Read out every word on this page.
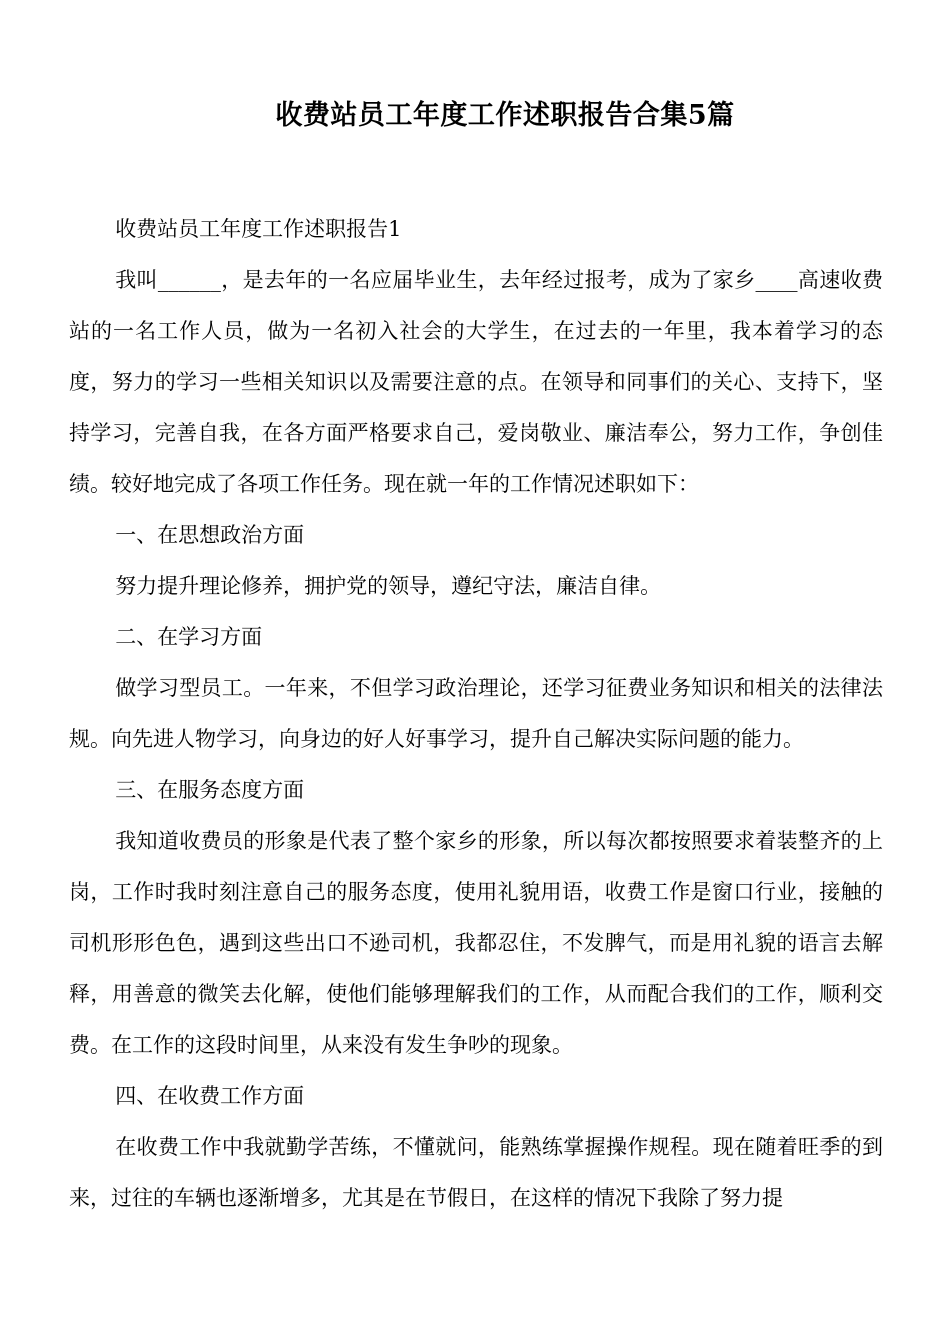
收费站员工年度工作述职报告合集5篇

收费站员工年度工作述职报告1

我叫______，是去年的一名应届毕业生，去年经过报考，成为了家乡____高速收费站的一名工作人员，做为一名初入社会的大学生，在过去的一年里，我本着学习的态度，努力的学习一些相关知识以及需要注意的点。在领导和同事们的关心、支持下，坚持学习，完善自我，在各方面严格要求自己，爱岗敬业、廉洁奉公，努力工作，争创佳绩。较好地完成了各项工作任务。现在就一年的工作情况述职如下：

一、在思想政治方面

努力提升理论修养，拥护党的领导，遵纪守法，廉洁自律。

二、在学习方面

做学习型员工。一年来，不但学习政治理论，还学习征费业务知识和相关的法律法规。向先进人物学习，向身边的好人好事学习，提升自己解决实际问题的能力。

三、在服务态度方面

我知道收费员的形象是代表了整个家乡的形象，所以每次都按照要求着装整齐的上岗，工作时我时刻注意自己的服务态度，使用礼貌用语，收费工作是窗口行业，接触的司机形形色色，遇到这些出口不逊司机，我都忍住，不发脾气，而是用礼貌的语言去解释，用善意的微笑去化解，使他们能够理解我们的工作，从而配合我们的工作，顺利交费。在工作的这段时间里，从来没有发生争吵的现象。

四、在收费工作方面

在收费工作中我就勤学苦练，不懂就问，能熟练掌握操作规程。现在随着旺季的到来，过往的车辆也逐渐增多，尤其是在节假日，在这样的情况下我除了努力提
